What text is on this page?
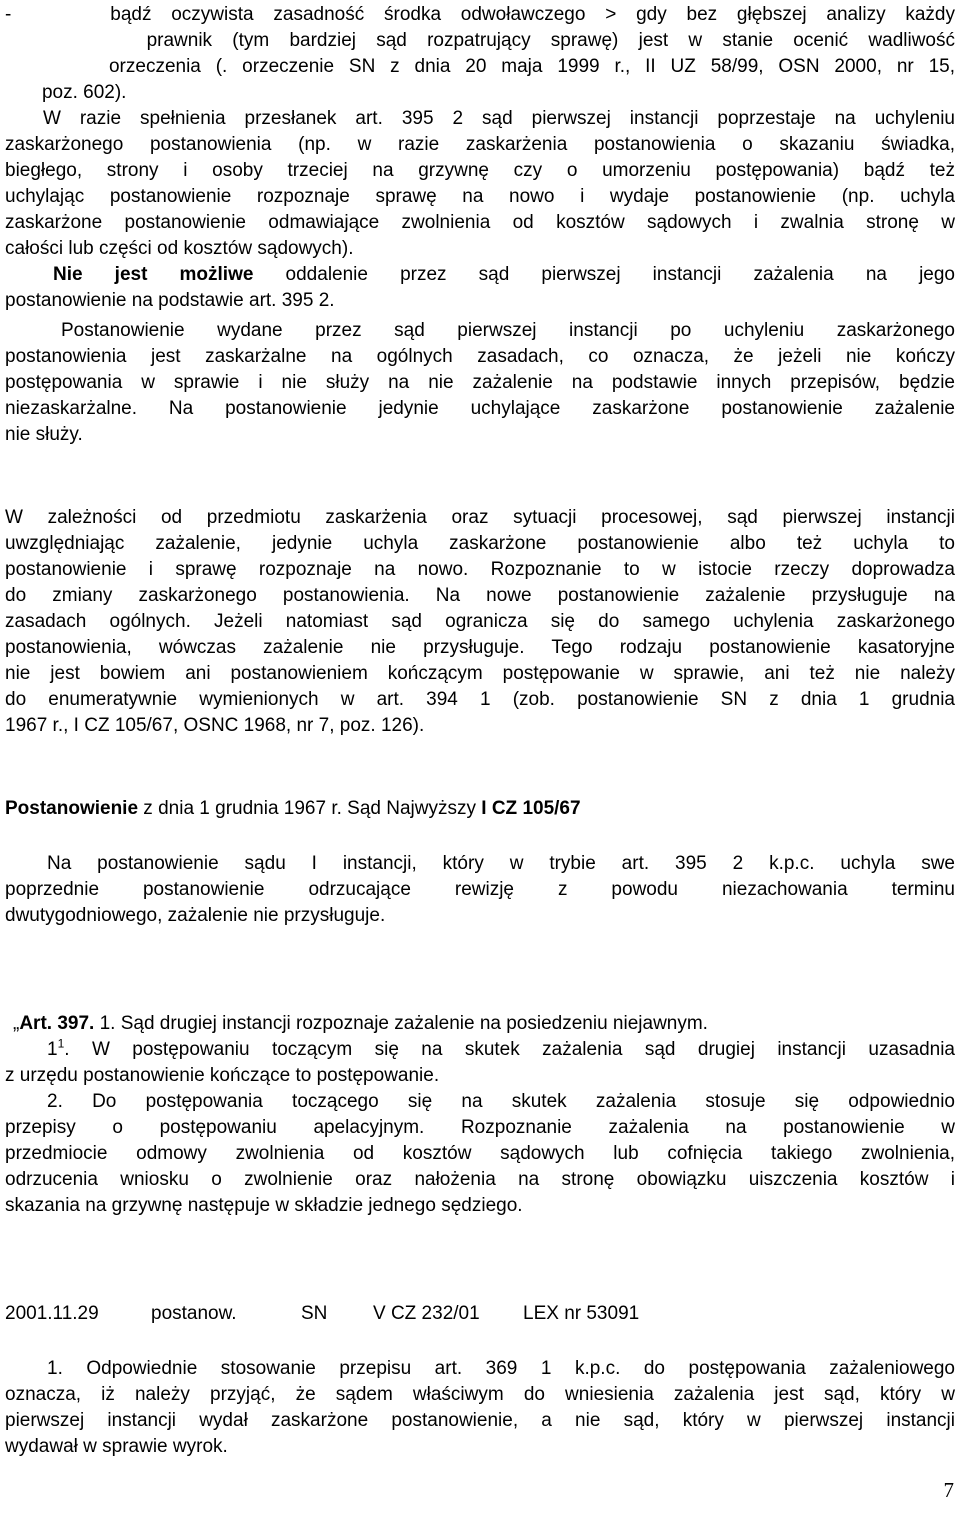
-     bądź oczywista zasadność środka odwoławczego > gdy bez głębszej analizy każdy
prawnik (tym bardziej sąd rozpatrujący sprawę) jest w stanie ocenić wadliwość
orzeczenia (. orzeczenie SN z dnia 20 maja 1999 r., II UZ 58/99, OSN 2000, nr 15,
poz. 602).
W razie spełnienia przesłanek art. 395 2 sąd pierwszej instancji poprzestaje na uchyleniu
zaskarżonego postanowienia (np. w razie zaskarżenia postanowienia o skazaniu świadka,
biegłego, strony i osoby trzeciej na grzywnę czy o umorzeniu postępowania) bądź też
uchylając postanowienie rozpoznaje sprawę na nowo i wydaje postanowienie (np. uchyla
zaskarżone postanowienie odmawiające zwolnienia od kosztów sądowych i zwalnia stronę w
całości lub części od kosztów sądowych).
Nie jest możliwe oddalenie przez sąd pierwszej instancji zażalenia na jego
postanowienie na podstawie art. 395 2.
Postanowienie wydane przez sąd pierwszej instancji po uchyleniu zaskarżonego
postanowienia jest zaskarżalne na ogólnych zasadach, co oznacza, że jeżeli nie kończy
postępowania w sprawie i nie służy na nie zażalenie na podstawie innych przepisów, będzie
niezaskarżalne. Na postanowienie jedynie uchylające zaskarżone postanowienie zażalenie
nie służy.
W zależności od przedmiotu zaskarżenia oraz sytuacji procesowej, sąd pierwszej instancji
uwzględniając zażalenie, jedynie uchyla zaskarżone postanowienie albo też uchyla to
postanowienie i sprawę rozpoznaje na nowo. Rozpoznanie to w istocie rzeczy doprowadza
do zmiany zaskarżonego postanowienia. Na nowe postanowienie zażalenie przysługuje na
zasadach ogólnych. Jeżeli natomiast sąd ogranicza się do samego uchylenia zaskarżonego
postanowienia, wówczas zażalenie nie przysługuje. Tego rodzaju postanowienie kasatoryjne
nie jest bowiem ani postanowieniem kończącym postępowanie w sprawie, ani też nie należy
do enumeratywnie wymienionych w art. 394 1 (zob. postanowienie SN z dnia 1 grudnia
1967 r., I CZ 105/67, OSNC 1968, nr 7, poz. 126).
Postanowienie z dnia 1 grudnia 1967 r. Sąd Najwyższy I CZ 105/67
Na postanowienie sądu I instancji, który w trybie art. 395 2 k.p.c. uchyla swe
poprzednie postanowienie odrzucające rewizję z powodu niezachowania terminu
dwutygodniowego, zażalenie nie przysługuje.
„Art. 397. 1. Sąd drugiej instancji rozpoznaje zażalenie na posiedzeniu niejawnym.
$1^1$. W postępowaniu toczącym się na skutek zażalenia sąd drugiej instancji uzasadnia
z urzędu postanowienie kończące to postępowanie.
2. Do postępowania toczącego się na skutek zażalenia stosuje się odpowiednio
przepisy o postępowaniu apelacyjnym. Rozpoznanie zażalenia na postanowienie w
przedmiocie odmowy zwolnienia od kosztów sądowych lub cofnięcia takiego zwolnienia,
odrzucenia wniosku o zwolnienie oraz nałożenia na stronę obowiązku uiszczenia kosztów i
skazania na grzywnę następuje w składzie jednego sędziego.
2001.11.29	postanow.	SN V CZ 232/01 LEX nr 53091
1. Odpowiednie stosowanie przepisu art. 369 1 k.p.c. do postępowania zażaleniowego
oznacza, iż należy przyjąć, że sądem właściwym do wniesienia zażalenia jest sąd, który w
pierwszej instancji wydał zaskarżone postanowienie, a nie sąd, który w pierwszej instancji
wydawał w sprawie wyrok.
7
